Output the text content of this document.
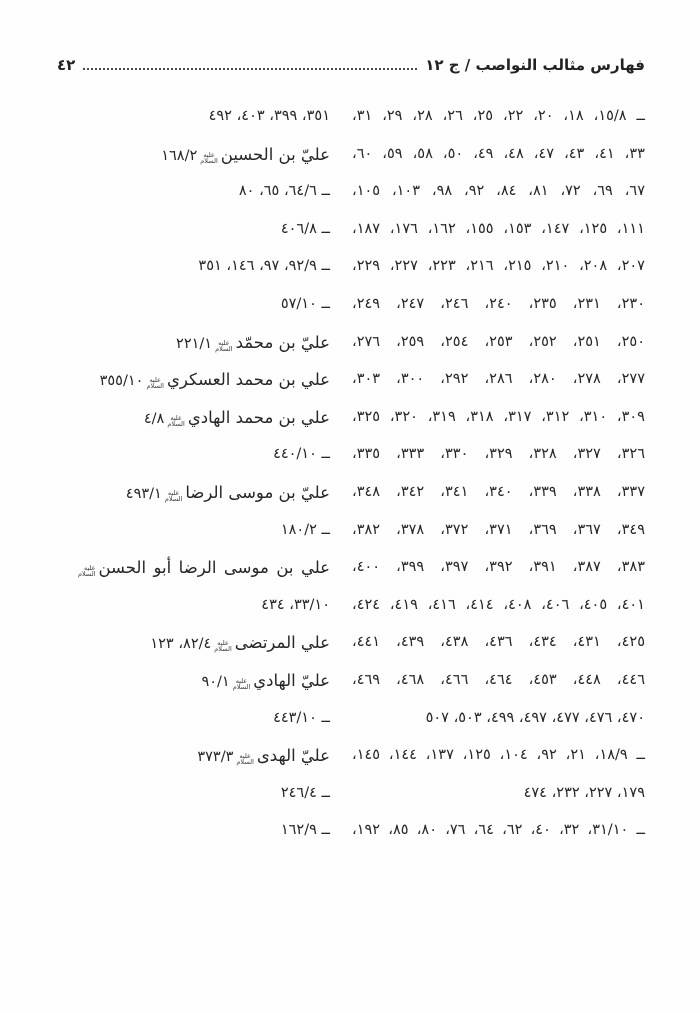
فهارس مثالب النواصب / ج ١٢
٤٢
ــ ١٥/٨، ١٨، ٢٠، ٢٢، ٢٥، ٢٦، ٢٨، ٢٩، ٣١،
٣٣، ٤١، ٤٣، ٤٧، ٤٨، ٤٩، ٥٠، ٥٨، ٥٩، ٦٠،
٦٧، ٦٩، ٧٢، ٨١، ٨٤، ٩٢، ٩٨، ١٠٣، ١٠٥،
١١١، ١٢٥، ١٤٧، ١٥٣، ١٥٥، ١٦٢، ١٧٦، ١٨٧،
٢٠٧، ٢٠٨، ٢١٠، ٢١٥، ٢١٦، ٢٢٣، ٢٢٧، ٢٢٩،
٢٣٠، ٢٣١، ٢٣٥، ٢٤٠، ٢٤٦، ٢٤٧، ٢٤٩،
٢٥٠، ٢٥١، ٢٥٢، ٢٥٣، ٢٥٤، ٢٥٩، ٢٧٦،
٢٧٧، ٢٧٨، ٢٨٠، ٢٨٦، ٢٩٢، ٣٠٠، ٣٠٣،
٣٠٩، ٣١٠، ٣١٢، ٣١٧، ٣١٨، ٣١٩، ٣٢٠، ٣٢٥،
٣٢٦، ٣٢٧، ٣٢٨، ٣٢٩، ٣٣٠، ٣٣٣، ٣٣٥،
٣٣٧، ٣٣٨، ٣٣٩، ٣٤٠، ٣٤١، ٣٤٢، ٣٤٨،
٣٤٩، ٣٦٧، ٣٦٩، ٣٧١، ٣٧٢، ٣٧٨، ٣٨٢،
٣٨٣، ٣٨٧، ٣٩١، ٣٩٢، ٣٩٧، ٣٩٩، ٤٠٠،
٤٠١، ٤٠٥، ٤٠٦، ٤٠٨، ٤١٤، ٤١٦، ٤١٩، ٤٢٤،
٤٢٥، ٤٣١، ٤٣٤، ٤٣٦، ٤٣٨، ٤٣٩، ٤٤١،
٤٤٦، ٤٤٨، ٤٥٣، ٤٦٤، ٤٦٦، ٤٦٨، ٤٦٩،
٤٧٠، ٤٧٦، ٤٧٧، ٤٩٧، ٤٩٩، ٥٠٣، ٥٠٧
ــ ١٨/٩، ٢١، ٩٢، ١٠٤، ١٢٥، ١٣٧، ١٤٤، ١٤٥،
١٧٩، ٢٢٧، ٢٣٢، ٤٧٤
ــ ٣١/١٠، ٣٢، ٤٠، ٦٢، ٦٤، ٧٦، ٨٠، ٨٥، ١٩٢،
٣٥١، ٣٩٩، ٤٠٣، ٤٩٢
عليّ بن الحسين
عليه
السلام
١٦٨/٢
ــ ٦٤/٦، ٦٥، ٨٠
ــ ٤٠٦/٨
ــ ٩٢/٩، ٩٧، ١٤٦، ٣٥١
ــ ٥٧/١٠
عليّ بن محمّد
عليه
السلام
٢٢١/١
علي بن محمد العسكري
عليه
السلام
٣٥٥/١٠
علي بن محمد الهادي
عليه
السلام
٤/٨
ــ ٤٤٠/١٠
عليّ بن موسى الرضا
عليه
السلام
٤٩٣/١
ــ ١٨٠/٢
علي بن موسى الرضا أبو الحسن
عليه
السلام
٣٣/١٠، ٤٣٤
علي المرتضى
عليه
السلام
٨٢/٤، ١٢٣
عليّ الهادي
عليه
السلام
٩٠/١
ــ ٤٤٣/١٠
عليّ الهدى
عليه
السلام
٣٧٣/٣
ــ ٢٤٦/٤
ــ ١٦٢/٩
